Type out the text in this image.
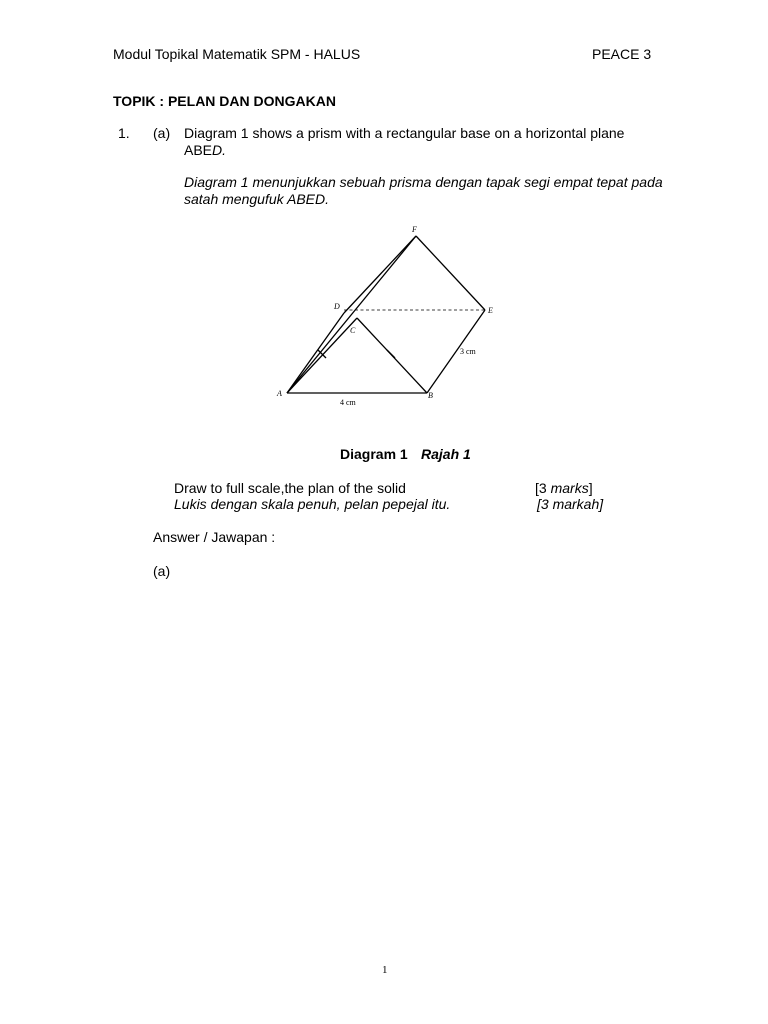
Modul Topikal Matematik SPM - HALUS	PEACE 3
TOPIK : PELAN DAN DONGAKAN
1. (a) Diagram 1 shows a prism with a rectangular base on a horizontal plane
ABED.
Diagram 1 menunjukkan sebuah prisma dengan tapak segi empat tepat pada
satah mengufuk ABED.
F
D	E
C
A	B
4 cm
3 cm
Diagram 1 Rajah 1
Draw to full scale,the plan of the solid	[3 marks]
Lukis dengan skala penuh, pelan pepejal itu.	[3 markah]
Answer / Jawapan :
(a)
1
